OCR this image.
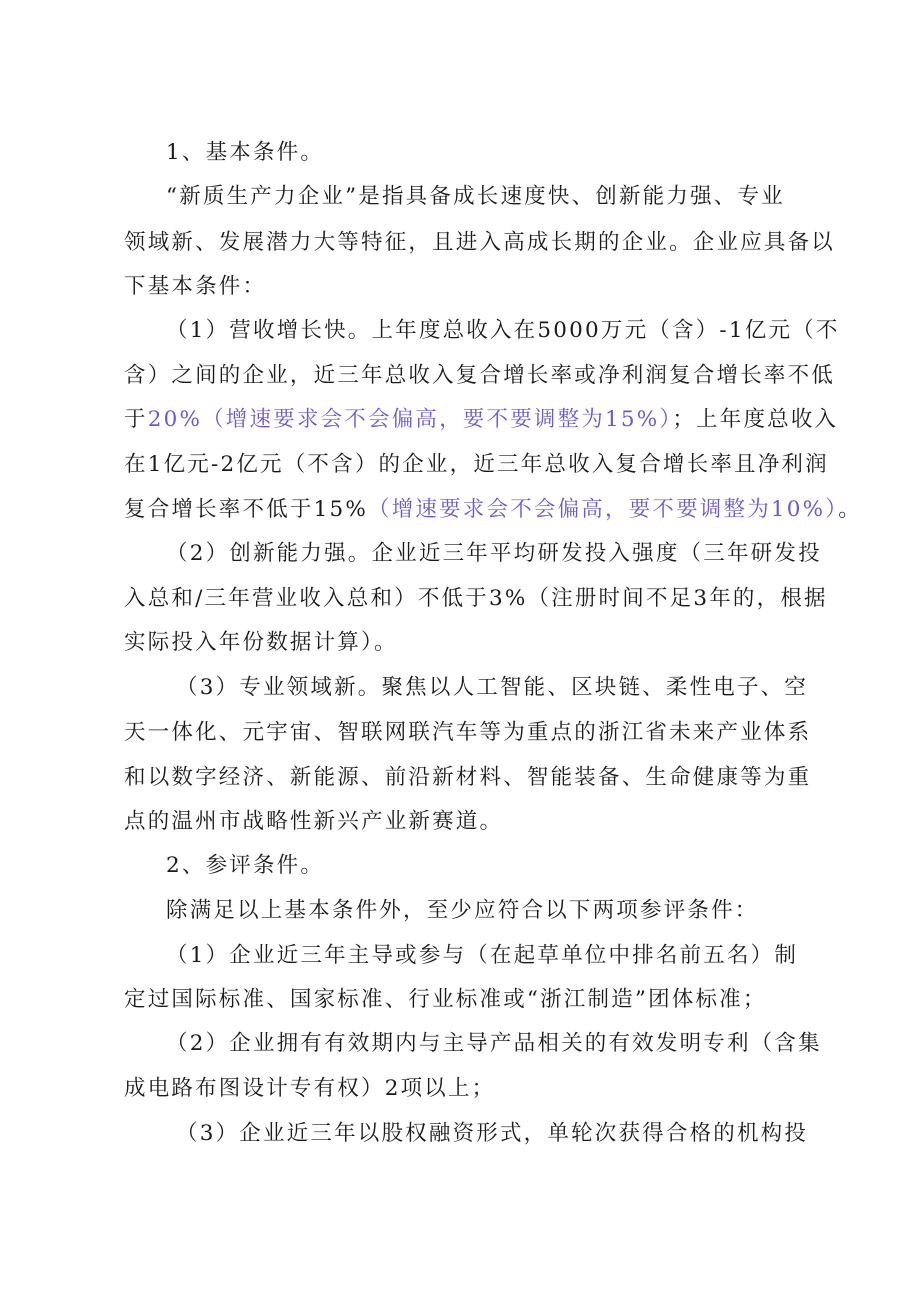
1、基本条件。
“新质生产力企业”是指具备成长速度快、创新能力强、专业
领域新、发展潜力大等特征，且进入高成长期的企业。企业应具备以
下基本条件：
（1）营收增长快。上年度总收入在5000万元（含）-1亿元（不
含）之间的企业，近三年总收入复合增长率或净利润复合增长率不低
于20%（增速要求会不会偏高，要不要调整为15%）；上年度总收入
在1亿元-2亿元（不含）的企业，近三年总收入复合增长率且净利润
复合增长率不低于15%（增速要求会不会偏高，要不要调整为10%）。
（2）创新能力强。企业近三年平均研发投入强度（三年研发投
入总和/三年营业收入总和）不低于3%（注册时间不足3年的，根据
实际投入年份数据计算）。
（3）专业领域新。聚焦以人工智能、区块链、柔性电子、空
天一体化、元宇宙、智联网联汽车等为重点的浙江省未来产业体系
和以数字经济、新能源、前沿新材料、智能装备、生命健康等为重
点的温州市战略性新兴产业新赛道。
2、参评条件。
除满足以上基本条件外，至少应符合以下两项参评条件：
（1）企业近三年主导或参与（在起草单位中排名前五名）制
定过国际标准、国家标准、行业标准或“浙江制造”团体标准；
（2）企业拥有有效期内与主导产品相关的有效发明专利（含集
成电路布图设计专有权）2项以上；
（3）企业近三年以股权融资形式，单轮次获得合格的机构投
